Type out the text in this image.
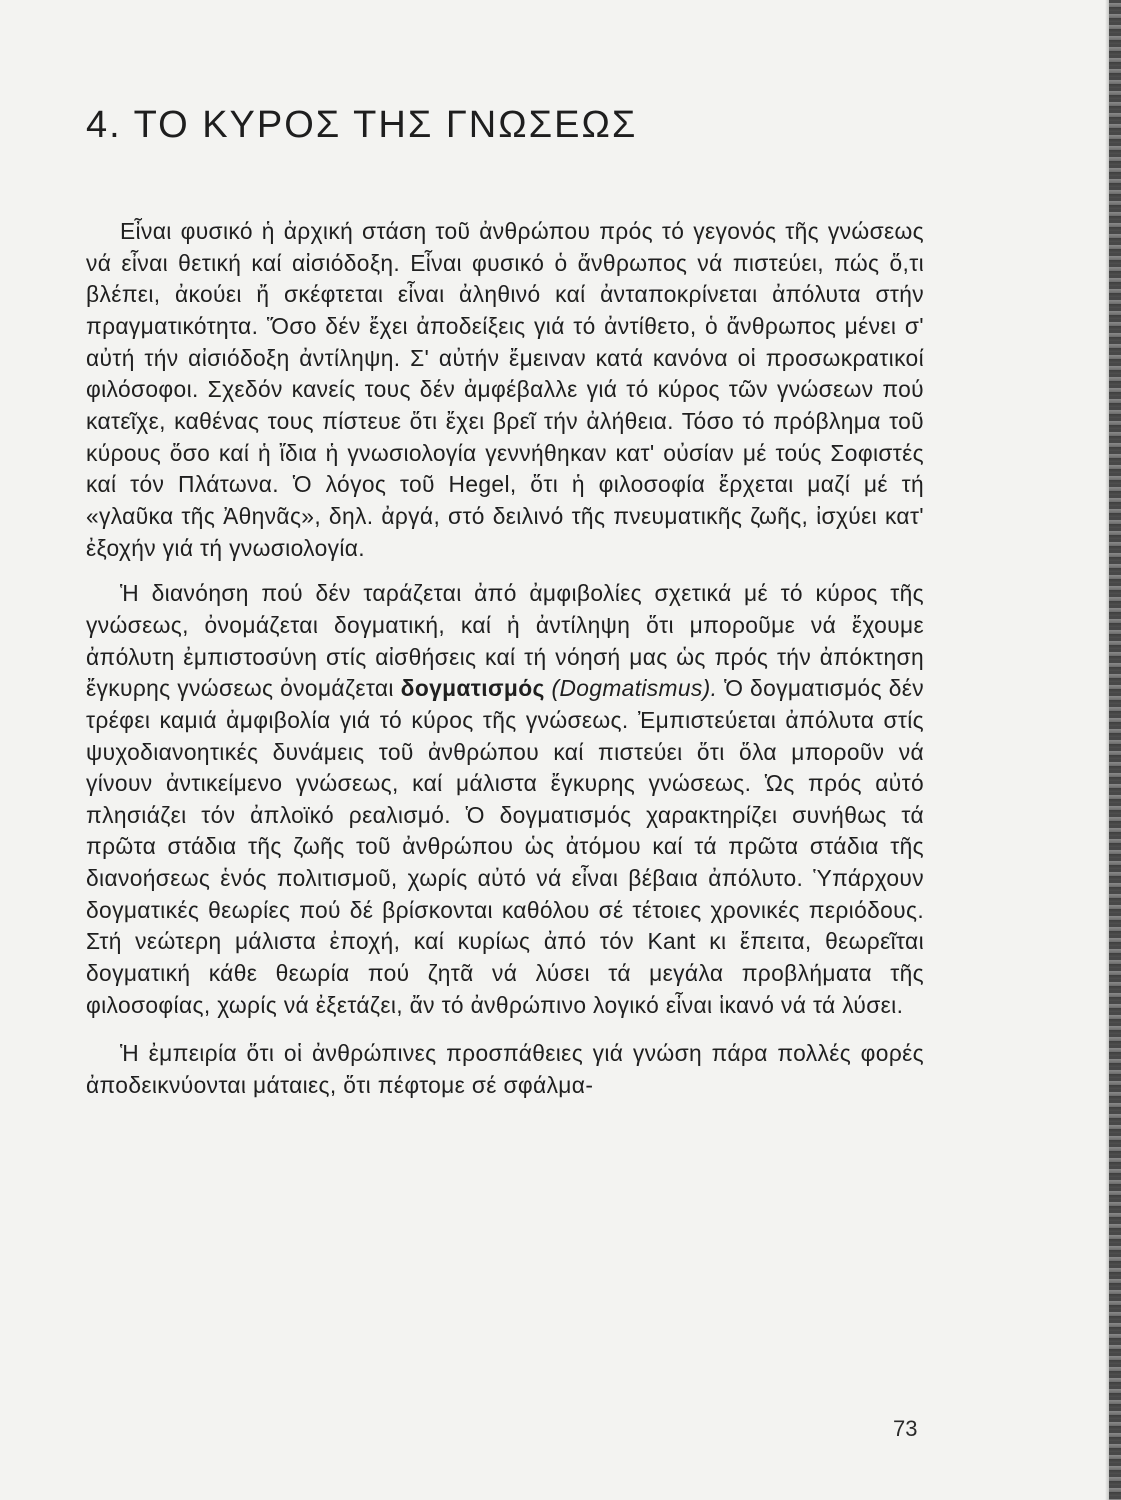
4. ΤΟ ΚΥΡΟΣ ΤΗΣ ΓΝΩΣΕΩΣ

Εἶναι φυσικό ἡ ἀρχική στάση τοῦ ἀνθρώπου πρός τό γεγονός τῆς γνώσεως νά εἶναι θετική καί αἰσιόδοξη. Εἶναι φυσικό ὁ ἄνθρωπος νά πιστεύει, πώς ὅ,τι βλέπει, ἀκούει ἤ σκέφτεται εἶναι ἀληθινό καί ἀνταποκρίνεται ἀπόλυτα στήν πραγματικότητα. Ὅσο δέν ἔχει ἀποδείξεις γιά τό ἀντίθετο, ὁ ἄνθρωπος μένει σ' αὐτή τήν αἰσιόδοξη ἀντίληψη. Σ' αὐτήν ἔμειναν κατά κανόνα οἱ προσωκρατικοί φιλόσοφοι. Σχεδόν κανείς τους δέν ἀμφέβαλλε γιά τό κύρος τῶν γνώσεων πού κατεῖχε, καθένας τους πίστευε ὅτι ἔχει βρεῖ τήν ἀλήθεια. Τόσο τό πρόβλημα τοῦ κύρους ὅσο καί ἡ ἴδια ἡ γνωσιολογία γεννήθηκαν κατ' οὐσίαν μέ τούς Σοφιστές καί τόν Πλάτωνα. Ὁ λόγος τοῦ Hegel, ὅτι ἡ φιλοσοφία ἔρχεται μαζί μέ τή «γλαῦκα τῆς Ἀθηνᾶς», δηλ. ἀργά, στό δειλινό τῆς πνευματικῆς ζωῆς, ἰσχύει κατ' ἐξοχήν γιά τή γνωσιολογία.

Ἡ διανόηση πού δέν ταράζεται ἀπό ἀμφιβολίες σχετικά μέ τό κύρος τῆς γνώσεως, ὀνομάζεται δογματική, καί ἡ ἀντίληψη ὅτι μποροῦμε νά ἔχουμε ἀπόλυτη ἐμπιστοσύνη στίς αἰσθήσεις καί τή νόησή μας ὡς πρός τήν ἀπόκτηση ἔγκυρης γνώσεως ὀνομάζεται δογματισμός (Dogmatismus). Ὁ δογματισμός δέν τρέφει καμιά ἀμφιβολία γιά τό κύρος τῆς γνώσεως. Ἐμπιστεύεται ἀπόλυτα στίς ψυχοδιανοητικές δυνάμεις τοῦ ἀνθρώπου καί πιστεύει ὅτι ὅλα μποροῦν νά γίνουν ἀντικείμενο γνώσεως, καί μάλιστα ἔγκυρης γνώσεως. Ὡς πρός αὐτό πλησιάζει τόν ἀπλοϊκό ρεαλισμό. Ὁ δογματισμός χαρακτηρίζει συνήθως τά πρῶτα στάδια τῆς ζωῆς τοῦ ἀνθρώπου ὡς ἀτόμου καί τά πρῶτα στάδια τῆς διανοήσεως ἑνός πολιτισμοῦ, χωρίς αὐτό νά εἶναι βέβαια ἀπόλυτο. Ὑπάρχουν δογματικές θεωρίες πού δέ βρίσκονται καθόλου σέ τέτοιες χρονικές περιόδους. Στή νεώτερη μάλιστα ἐποχή, καί κυρίως ἀπό τόν Kant κι ἔπειτα, θεωρεῖται δογματική κάθε θεωρία πού ζητᾶ νά λύσει τά μεγάλα προβλήματα τῆς φιλοσοφίας, χωρίς νά ἐξετάζει, ἄν τό ἀνθρώπινο λογικό εἶναι ἱκανό νά τά λύσει.

Ἡ ἐμπειρία ὅτι οἱ ἀνθρώπινες προσπάθειες γιά γνώση πάρα πολλές φορές ἀποδεικνύονται μάταιες, ὅτι πέφτομε σέ σφάλμα-

73
